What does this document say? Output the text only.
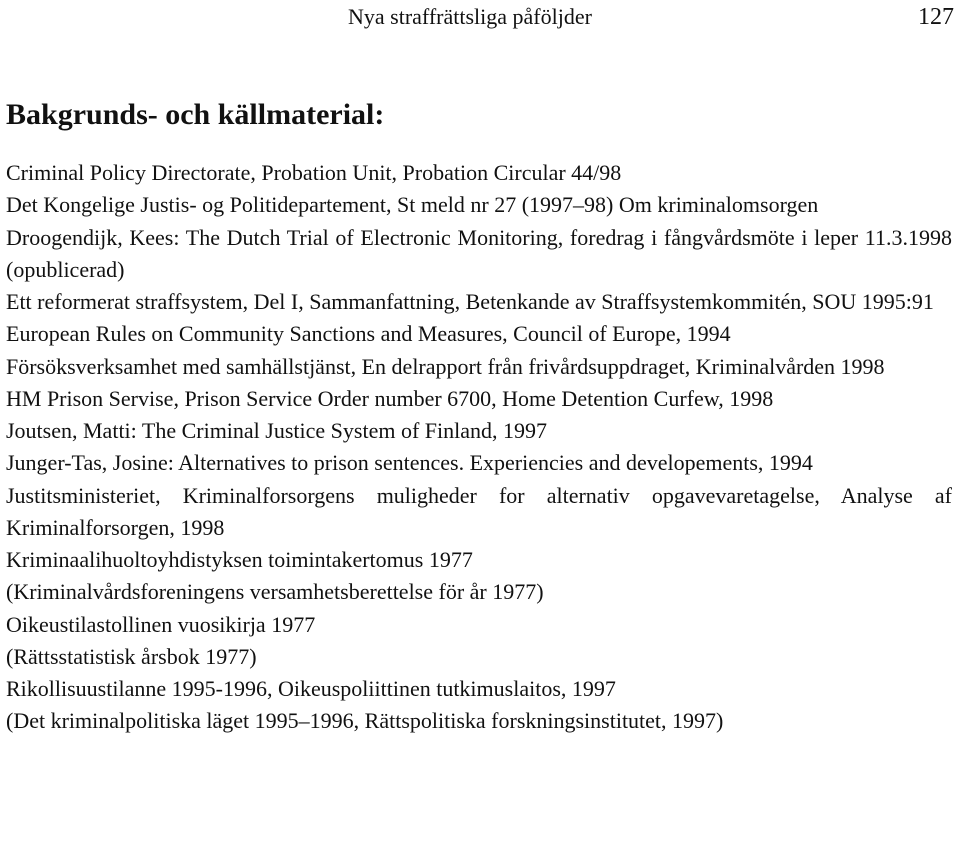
Nya straffrättsliga påföljder	127
Bakgrunds- och källmaterial:
Criminal Policy Directorate, Probation Unit, Probation Circular 44/98
Det Kongelige Justis- og Politidepartement, St meld nr 27 (1997–98) Om kriminalomsorgen
Droogendijk, Kees: The Dutch Trial of Electronic Monitoring, foredrag i fångvårdsmöte i leper 11.3.1998 (opublicerad)
Ett reformerat straffsystem, Del I, Sammanfattning, Betenkande av Straffsystemkommitén, SOU 1995:91
European Rules on Community Sanctions and Measures, Council of Europe, 1994
Försöksverksamhet med samhällstjänst, En delrapport från frivårdsuppdraget, Kriminalvården 1998
HM Prison Servise, Prison Service Order number 6700, Home Detention Curfew, 1998
Joutsen, Matti: The Criminal Justice System of Finland, 1997
Junger-Tas, Josine: Alternatives to prison sentences. Experiencies and developements, 1994
Justitsministeriet, Kriminalforsorgens muligheder for alternativ opgavevaretagelse, Analyse af Kriminalforsorgen, 1998
Kriminaalihuoltoyhdistyksen toimintakertomus 1977
(Kriminalvårdsforeningens versamhetsberettelse för år 1977)
Oikeustilastollinen vuosikirja 1977
(Rättsstatistisk årsbok 1977)
Rikollisuustilanne 1995-1996, Oikeuspoliittinen tutkimuslaitos, 1997
(Det kriminalpolitiska läget 1995–1996, Rättspolitiska forskningsinstitutet, 1997)
